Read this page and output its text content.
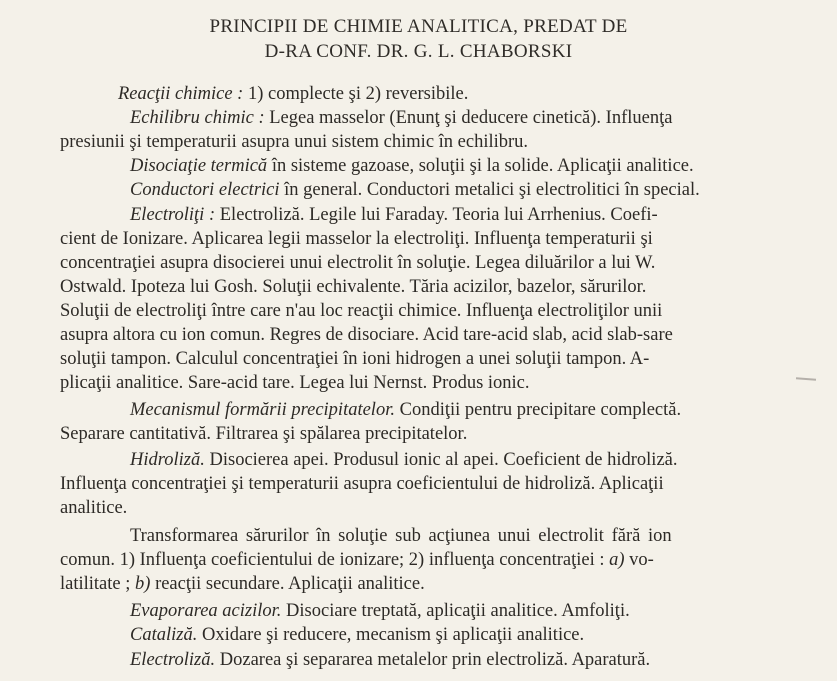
PRINCIPII DE CHIMIE ANALITICA, PREDAT DE
D-RA CONF. DR. G. L. CHABORSKI
Reacţii chimice : 1) complecte şi 2) reversibile.
Echilibru chimic : Legea masselor (Enunţ şi deducere cinetică). Influenţa
presiunii şi temperaturii asupra unui sistem chimic în echilibru.
Disociaţie termică în sisteme gazoase, soluţii şi la solide. Aplicaţii analitice.
Conductori electrici în general. Conductori metalici şi electrolitici în special.
Electroliţi : Electroliză. Legile lui Faraday. Teoria lui Arrhenius. Coefi-
cient de Ionizare. Aplicarea legii masselor la electroliţi. Influenţa temperaturii şi
concentraţiei asupra disocierei unui electrolit în soluţie. Legea diluărilor a lui W.
Ostwald. Ipoteza lui Gosh. Soluţii echivalente. Tăria acizilor, bazelor, sărurilor.
Soluţii de electroliţi între care n'au loc reacţii chimice. Influenţa electroliţilor unii
asupra altora cu ion comun. Regres de disociare. Acid tare-acid slab, acid slab-sare
soluţii tampon. Calculul concentraţiei în ioni hidrogen a unei soluţii tampon. A-
plicaţii analitice. Sare-acid tare. Legea lui Nernst. Produs ionic.
Mecanismul formării precipitatelor. Condiţii pentru precipitare complectă.
Separare cantitativă. Filtrarea şi spălarea precipitatelor.
Hidroliză. Disocierea apei. Produsul ionic al apei. Coeficient de hidroliză.
Influenţa concentraţiei şi temperaturii asupra coeficientului de hidroliză. Aplicaţii
analitice.
Transformarea sărurilor în soluţie sub acţiunea unui electrolit fără ion
comun. 1) Influenţa coeficientului de ionizare; 2) influenţa concentraţiei : a) vo-
latilitate ; b) reacţii secundare. Aplicaţii analitice.
Evaporarea acizilor. Disociare treptată, aplicaţii analitice. Amfoliţi.
Cataliză. Oxidare şi reducere, mecanism şi aplicaţii analitice.
Electroliză. Dozarea şi separarea metalelor prin electroliză. Aparatură.
